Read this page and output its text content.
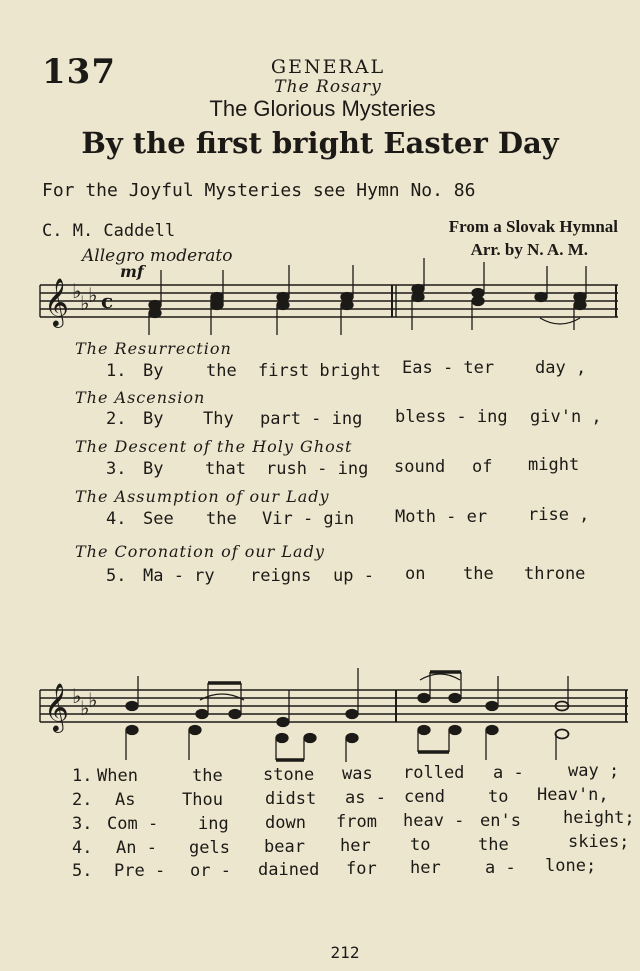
137	GENERAL
The Rosary
The Glorious Mysteries
By the first bright Easter Day
For the Joyful Mysteries see Hymn No. 86
C. M. Caddell	From a Slovak Hymnal
Arr. by N. A. M.
Allegro moderato
mf
𝄞 ♭
♭
♭ c
𝄞 ♭
♭
♭
The Resurrection
1. By	the first bright Eas - ter day ,
The Ascension
2. By Thy part - ing bless - ing giv'n ,
The Descent of the Holy Ghost
3. By that rush - ing sound of might
The Assumption of our Lady
4. See the Vir - gin Moth - er rise ,
The Coronation of our Lady
5. Ma - ry reigns up - on the throne
1. When	the stone was rolled a -	way ;
2. As	Thou didst as - cend	to Heav'n,
3. Com - ing down from heav - en's height;
4. An - gels bear her to	the	skies;
5. Pre - or - dained for her	a - lone;
212
